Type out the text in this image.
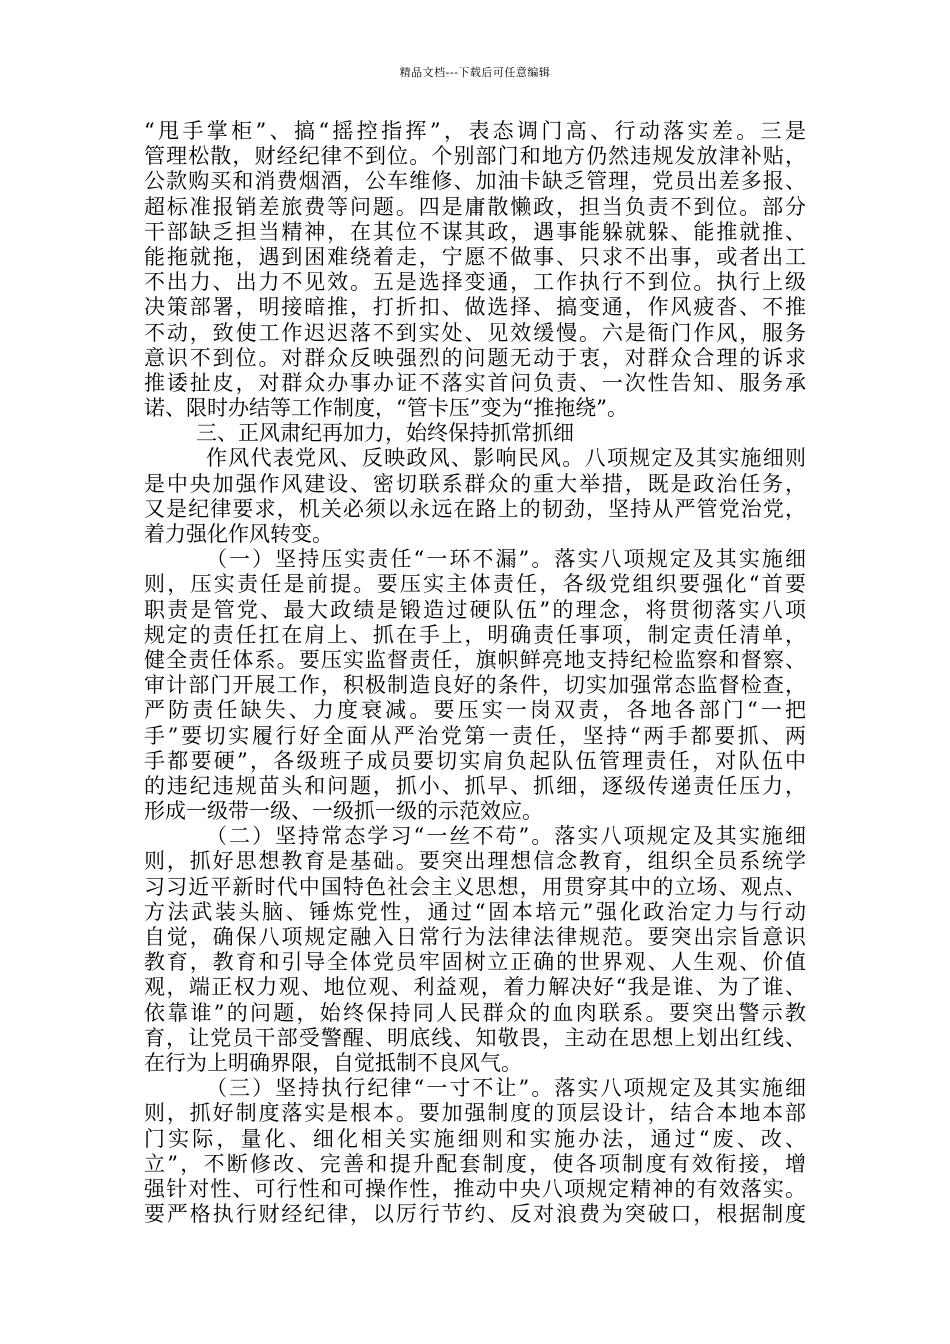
精品文档---下载后可任意编辑
“甩手掌柜”、搞“摇控指挥”，表态调门高、行动落实差。三是
管理松散，财经纪律不到位。个别部门和地方仍然违规发放津补贴，
公款购买和消费烟酒，公车维修、加油卡缺乏管理，党员出差多报、
超标准报销差旅费等问题。四是庸散懒政，担当负责不到位。部分
干部缺乏担当精神，在其位不谋其政，遇事能躲就躲、能推就推、
能拖就拖，遇到困难绕着走，宁愿不做事、只求不出事，或者出工
不出力、出力不见效。五是选择变通，工作执行不到位。执行上级
决策部署，明接暗推，打折扣、做选择、搞变通，作风疲沓、不推
不动，致使工作迟迟落不到实处、见效缓慢。六是衙门作风，服务
意识不到位。对群众反映强烈的问题无动于衷，对群众合理的诉求
推诿扯皮，对群众办事办证不落实首问负责、一次性告知、服务承
诺、限时办结等工作制度，“管卡压”变为“推拖绕”。
三、正风肃纪再加力，始终保持抓常抓细
作风代表党风、反映政风、影响民风。八项规定及其实施细则
是中央加强作风建设、密切联系群众的重大举措，既是政治任务，
又是纪律要求，机关必须以永远在路上的韧劲，坚持从严管党治党，
着力强化作风转变。
（一）坚持压实责任“一环不漏”。落实八项规定及其实施细
则，压实责任是前提。要压实主体责任，各级党组织要强化“首要
职责是管党、最大政绩是锻造过硬队伍”的理念，将贯彻落实八项
规定的责任扛在肩上、抓在手上，明确责任事项，制定责任清单，
健全责任体系。要压实监督责任，旗帜鲜亮地支持纪检监察和督察、
审计部门开展工作，积极制造良好的条件，切实加强常态监督检查，
严防责任缺失、力度衰减。要压实一岗双责，各地各部门“一把
手”要切实履行好全面从严治党第一责任，坚持“两手都要抓、两
手都要硬”，各级班子成员要切实肩负起队伍管理责任，对队伍中
的违纪违规苗头和问题，抓小、抓早、抓细，逐级传递责任压力，
形成一级带一级、一级抓一级的示范效应。
（二）坚持常态学习“一丝不苟”。落实八项规定及其实施细
则，抓好思想教育是基础。要突出理想信念教育，组织全员系统学
习习近平新时代中国特色社会主义思想，用贯穿其中的立场、观点、
方法武装头脑、锤炼党性，通过“固本培元”强化政治定力与行动
自觉，确保八项规定融入日常行为法律法律规范。要突出宗旨意识
教育，教育和引导全体党员牢固树立正确的世界观、人生观、价值
观，端正权力观、地位观、利益观，着力解决好“我是谁、为了谁、
依靠谁”的问题，始终保持同人民群众的血肉联系。要突出警示教
育，让党员干部受警醒、明底线、知敬畏，主动在思想上划出红线、
在行为上明确界限，自觉抵制不良风气。
（三）坚持执行纪律“一寸不让”。落实八项规定及其实施细
则，抓好制度落实是根本。要加强制度的顶层设计，结合本地本部
门实际，量化、细化相关实施细则和实施办法，通过“废、改、
立”，不断修改、完善和提升配套制度，使各项制度有效衔接，增
强针对性、可行性和可操作性，推动中央八项规定精神的有效落实。
要严格执行财经纪律，以厉行节约、反对浪费为突破口，根据制度
